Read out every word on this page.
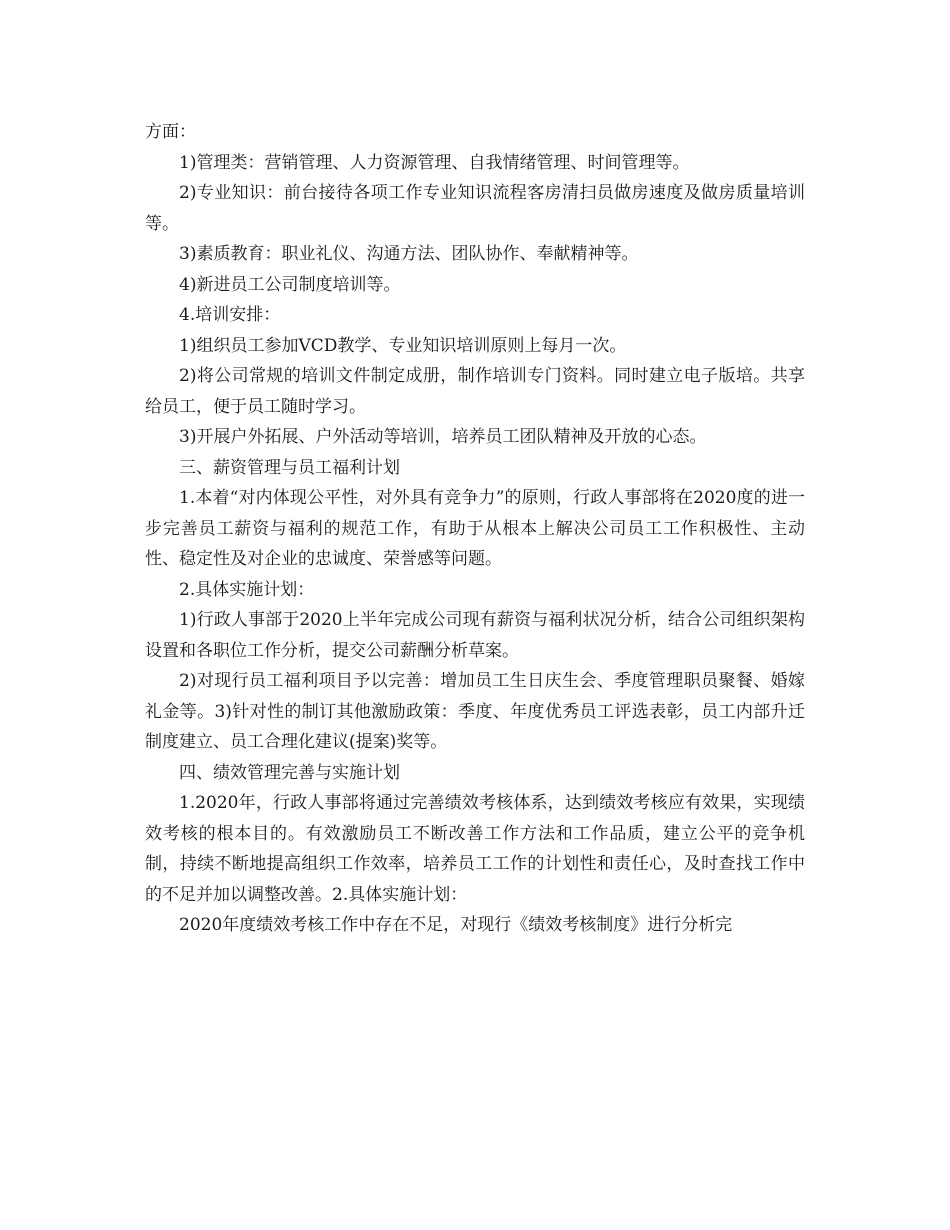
方面：

1)管理类：营销管理、人力资源管理、自我情绪管理、时间管理等。

2)专业知识：前台接待各项工作专业知识流程客房清扫员做房速度及做房质量培训等。

3)素质教育：职业礼仪、沟通方法、团队协作、奉献精神等。

4)新进员工公司制度培训等。

4.培训安排：

1)组织员工参加VCD教学、专业知识培训原则上每月一次。

2)将公司常规的培训文件制定成册，制作培训专门资料。同时建立电子版培。共享给员工，便于员工随时学习。

3)开展户外拓展、户外活动等培训，培养员工团队精神及开放的心态。

三、薪资管理与员工福利计划

1.本着“对内体现公平性，对外具有竞争力”的原则，行政人事部将在2020度的进一步完善员工薪资与福利的规范工作，有助于从根本上解决公司员工工作积极性、主动性、稳定性及对企业的忠诚度、荣誉感等问题。

2.具体实施计划：

1)行政人事部于2020上半年完成公司现有薪资与福利状况分析，结合公司组织架构设置和各职位工作分析，提交公司薪酬分析草案。

2)对现行员工福利项目予以完善：增加员工生日庆生会、季度管理职员聚餐、婚嫁礼金等。3)针对性的制订其他激励政策：季度、年度优秀员工评选表彰，员工内部升迁制度建立、员工合理化建议(提案)奖等。

四、绩效管理完善与实施计划

1.2020年，行政人事部将通过完善绩效考核体系，达到绩效考核应有效果，实现绩效考核的根本目的。有效激励员工不断改善工作方法和工作品质，建立公平的竞争机制，持续不断地提高组织工作效率，培养员工工作的计划性和责任心，及时查找工作中的不足并加以调整改善。2.具体实施计划：

2020年度绩效考核工作中存在不足，对现行《绩效考核制度》进行分析完
